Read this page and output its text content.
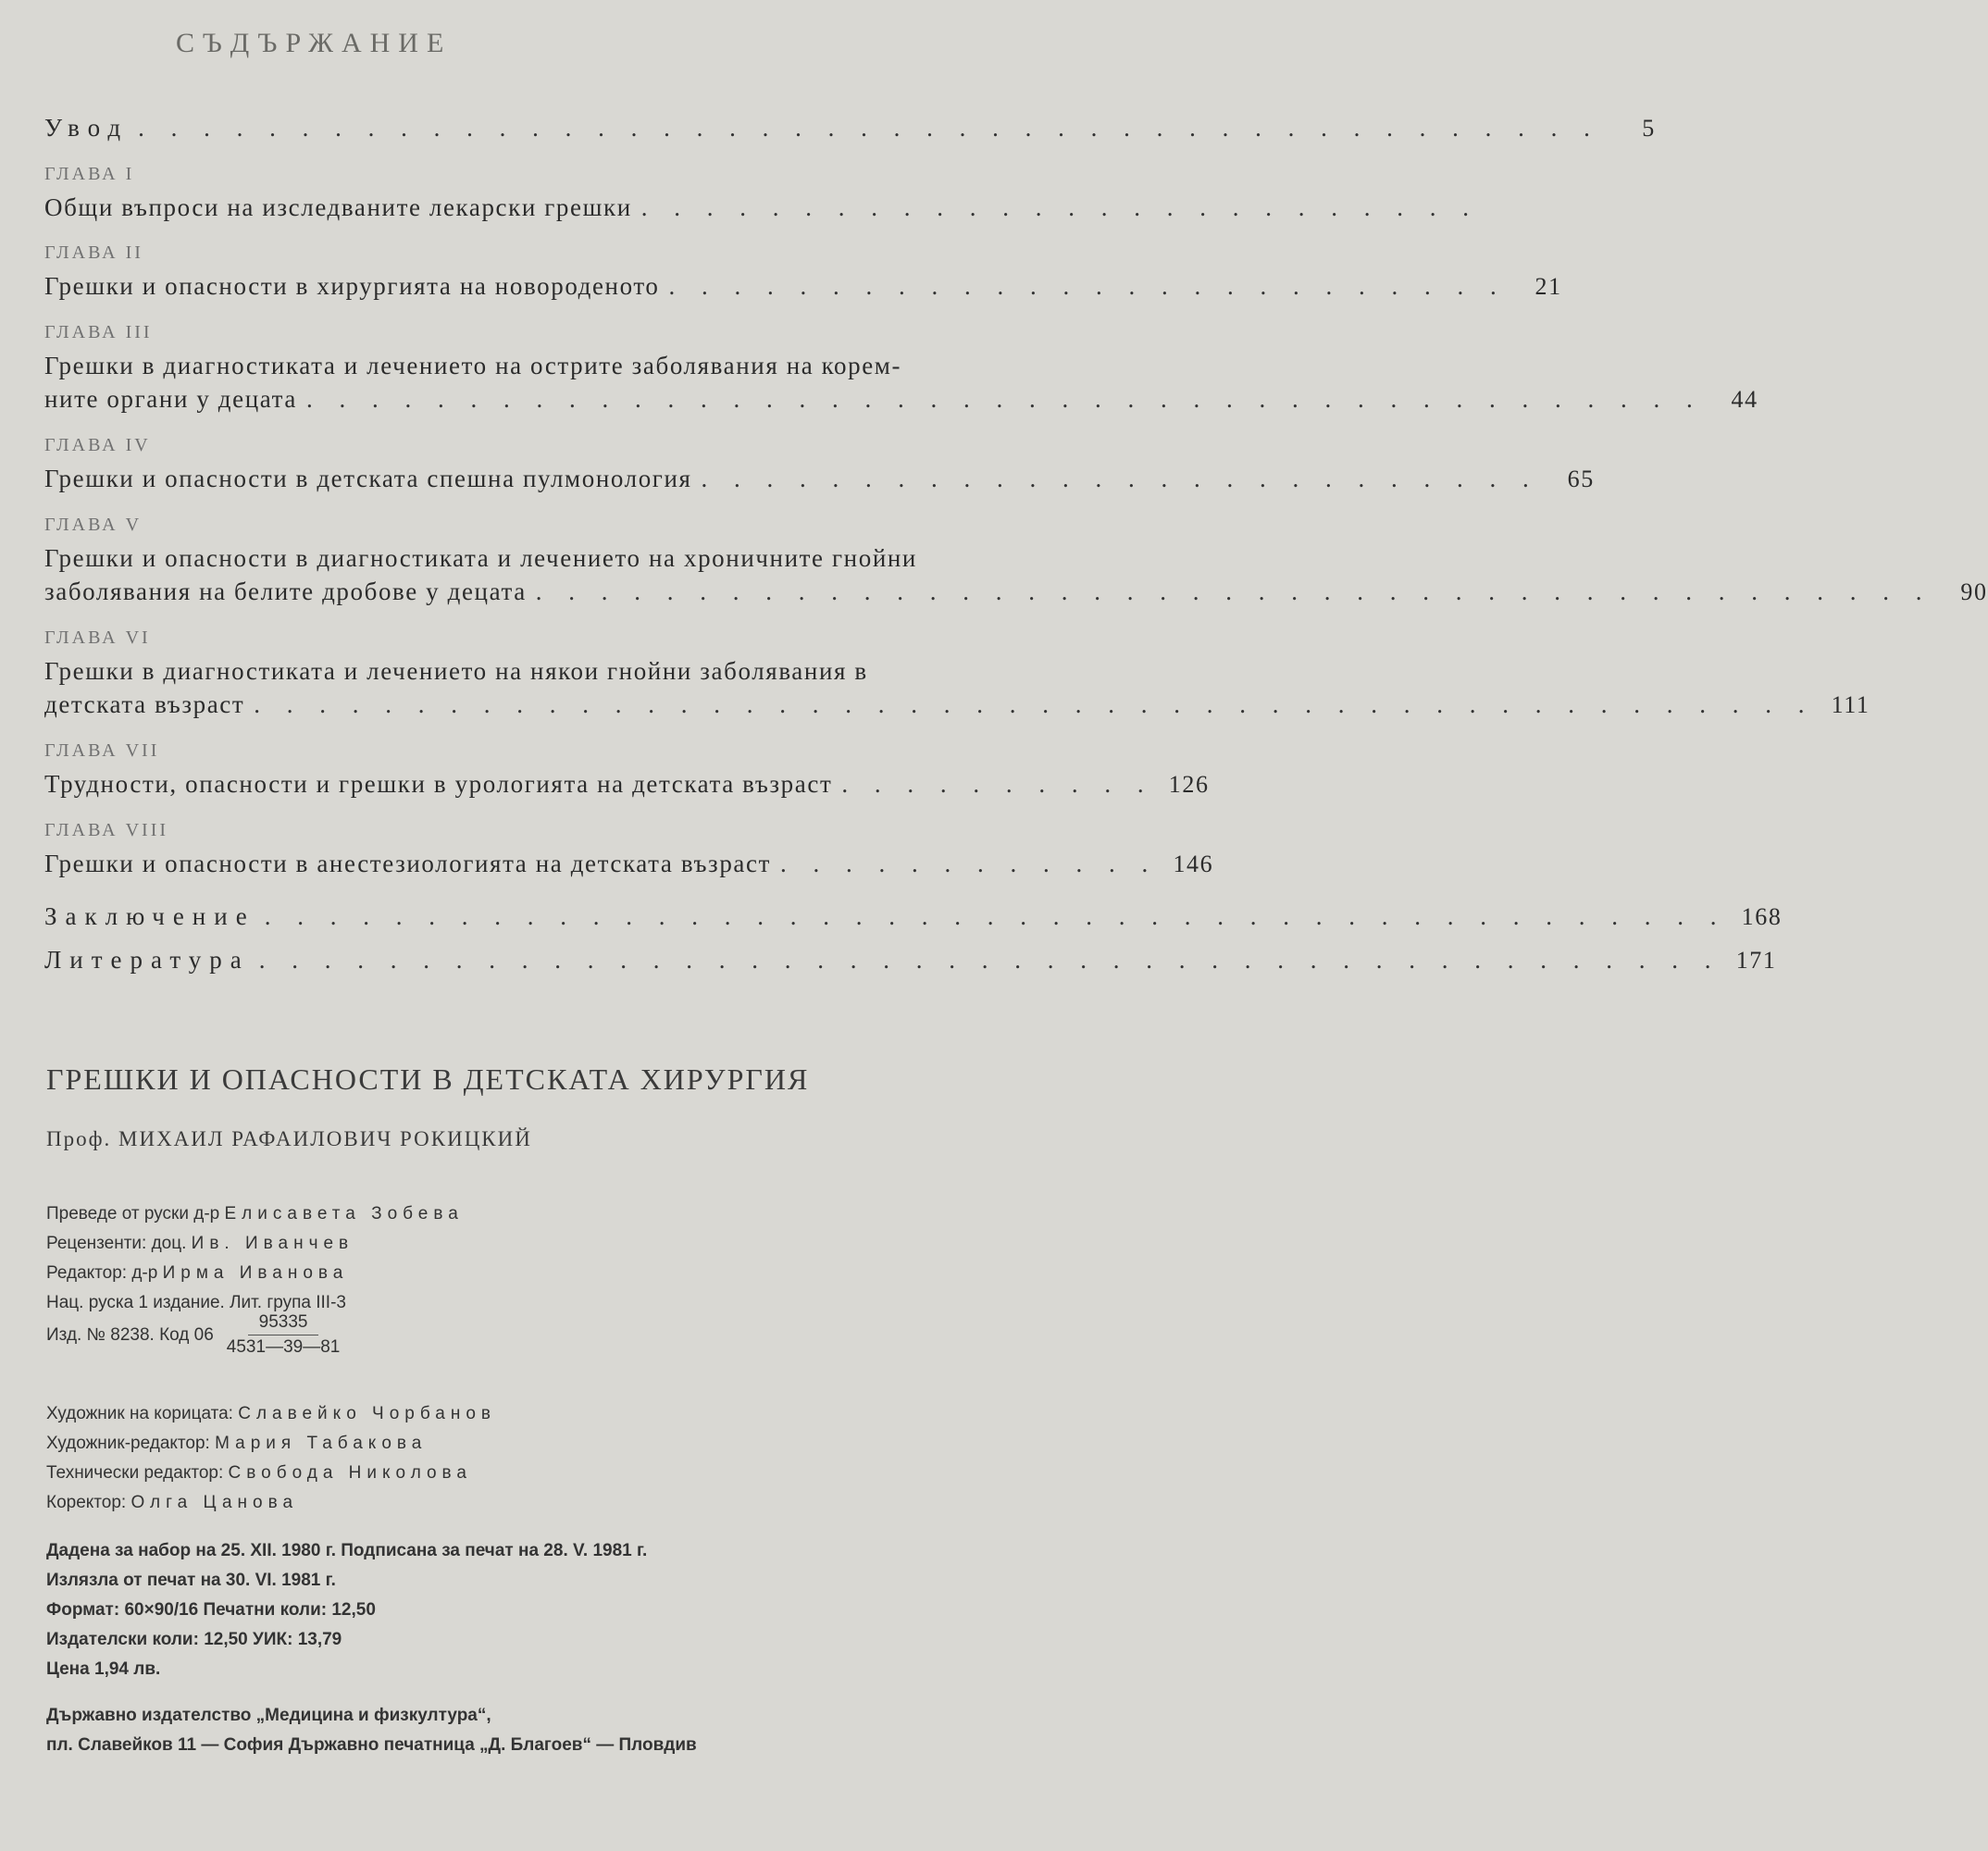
СЪДЪРЖАНИЕ
Увод . . . . . . . . . . . . . . . . . . . . . . . . . . . . . . . . . . . . . . . . . . . . .	5
ГЛАВА I
Общи въпроси на изследваните лекарски грешки . . . . . . . . . . . . . . . . . . . . . . . . . .
ГЛАВА II
Грешки и опасности в хирургията на новороденото . . . . . . . . . . . . . . . . . . . . . . . . . .	21
ГЛАВА III
Грешки в диагностиката и лечението на острите заболявания на корем-
ните органи у децата . . . . . . . . . . . . . . . . . . . . . . . . . . . . . . . . . . . . . . . . . . .	44
ГЛАВА IV
Грешки и опасности в детската спешна пулмонология . . . . . . . . . . . . . . . . . . . . . . . . . .	65
ГЛАВА V
Грешки и опасности в диагностиката и лечението на хроничните гнойни
заболявания на белите дробове у децата . . . . . . . . . . . . . . . . . . . . . . . . . . . . . . . . . . . . . . . . . . .	90
ГЛАВА VI
Грешки в диагностиката и лечението на някои гнойни заболявания в
детската възраст . . . . . . . . . . . . . . . . . . . . . . . . . . . . . . . . . . . . . . . . . . . . . . . . 111
ГЛАВА VII
Трудности, опасности и грешки в урологията на детската възраст . . . . . . . . . . 126
ГЛАВА VIII
Грешки и опасности в анестезиологията на детската възраст . . . . . . . . . . . . 146
Заключение . . . . . . . . . . . . . . . . . . . . . . . . . . . . . . . . . . . . . . . . . . . . . 168
Литература . . . . . . . . . . . . . . . . . . . . . . . . . . . . . . . . . . . . . . . . . . . . . 171
ГРЕШКИ И ОПАСНОСТИ В ДЕТСКАТА ХИРУРГИЯ
Проф. МИХАИЛ РАФАИЛОВИЧ РОКИЦКИЙ
Преведе от руски д-р Елисавета Зобева
Рецензенти: доц. Ив. Иванчев
Редактор: д-р Ирма Иванова
Нац. руска 1 издание. Лит. група III-3
Изд. № 8238. Код $06 \frac{95335}{4531—39—81}$
Художник на корицата: Славейко Чорбанов
Художник-редактор: Мария Табакова
Технически редактор: Свобода Николова
Коректор: Олга Цанова
Дадена за набор на 25. XII. 1980 г. Подписана за печат на 28. V. 1981 г.
Излязла от печат на 30. VI. 1981 г.
Формат: 60×90/16 Печатни коли: 12,50
Издателски коли: 12,50 УИК: 13,79
Цена 1,94 лв.
Държавно издателство „Медицина и физкултура“,
пл. Славейков 11 — София Държавно печатница „Д. Благоев“ — Пловдив
